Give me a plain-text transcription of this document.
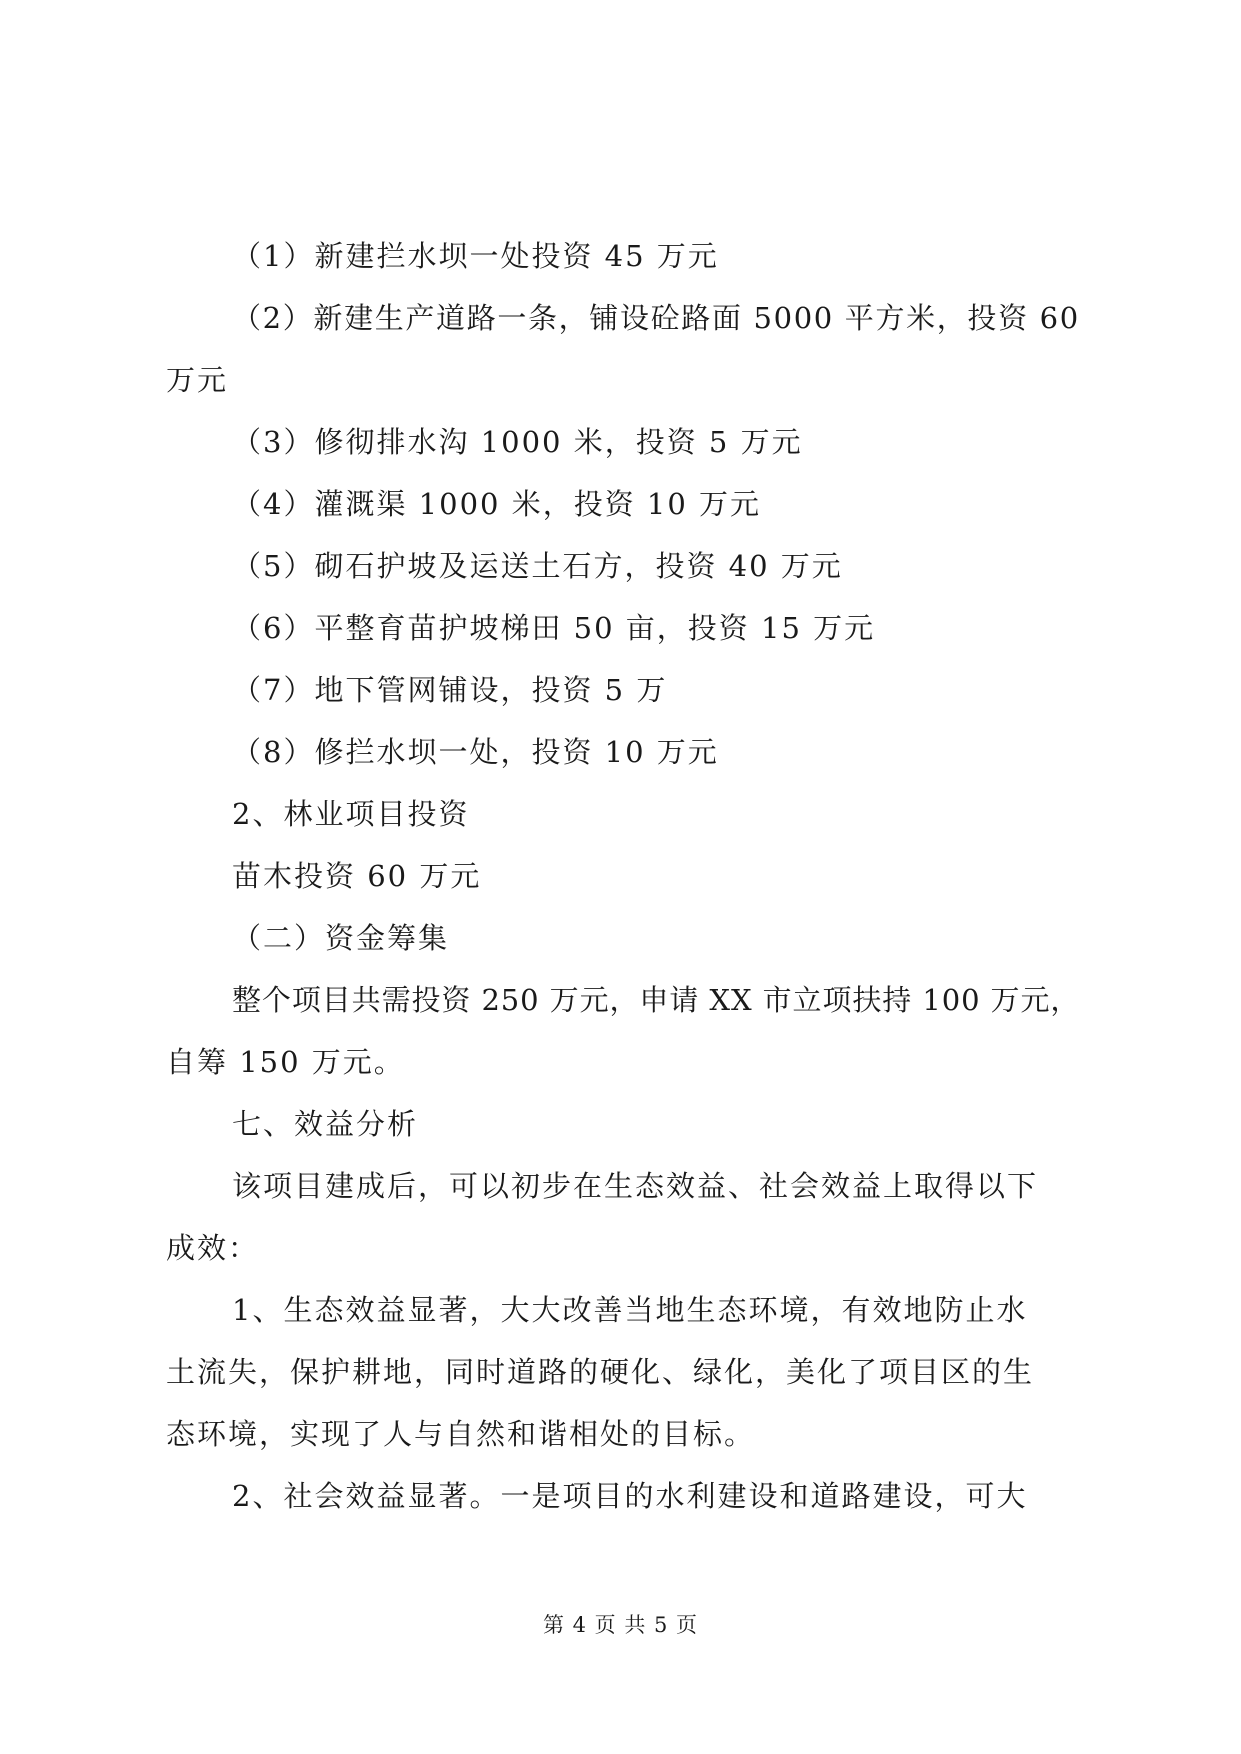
（1）新建拦水坝一处投资 45 万元
（2）新建生产道路一条，铺设砼路面 5000 平方米，投资 60
万元
（3）修彻排水沟 1000 米，投资 5 万元
（4）灌溉渠 1000 米，投资 10 万元
（5）砌石护坡及运送土石方，投资 40 万元
（6）平整育苗护坡梯田 50 亩，投资 15 万元
（7）地下管网铺设，投资 5 万
（8）修拦水坝一处，投资 10 万元
2、林业项目投资
苗木投资 60 万元
（二）资金筹集
整个项目共需投资 250 万元，申请 XX 市立项扶持 100 万元，
自筹 150 万元。
七、效益分析
该项目建成后，可以初步在生态效益、社会效益上取得以下
成效：
1、生态效益显著，大大改善当地生态环境，有效地防止水
土流失，保护耕地，同时道路的硬化、绿化，美化了项目区的生
态环境，实现了人与自然和谐相处的目标。
2、社会效益显著。一是项目的水利建设和道路建设，可大
第 4 页 共 5 页
